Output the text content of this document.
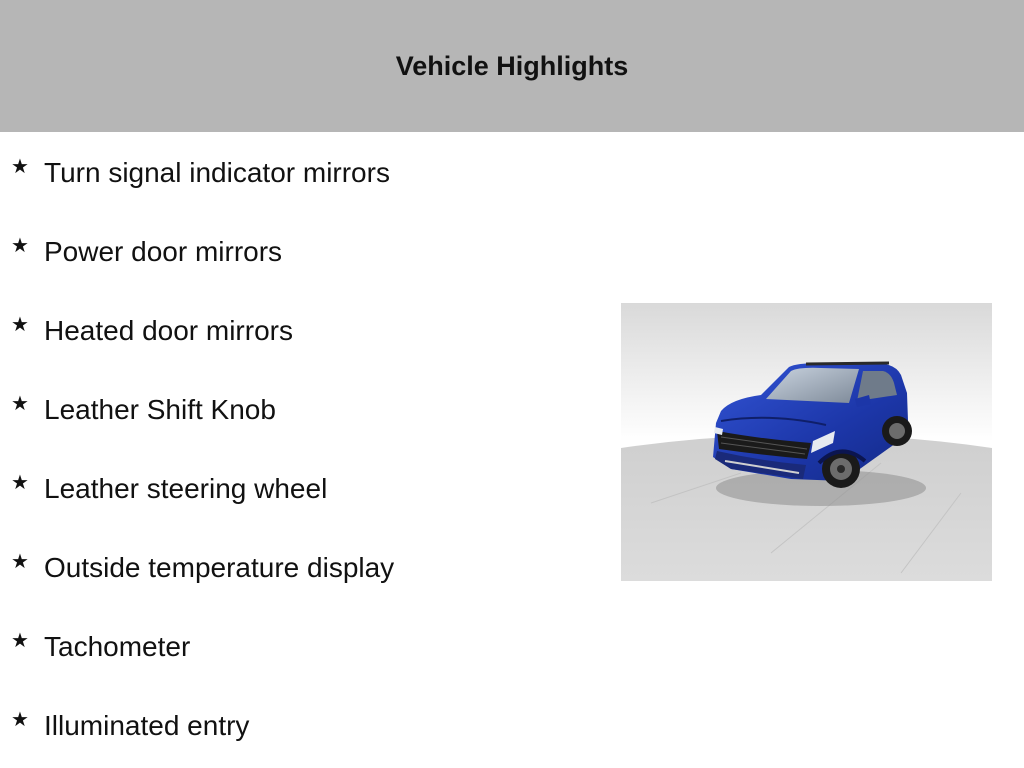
Vehicle Highlights
★ Turn signal indicator mirrors
★ Power door mirrors
★ Heated door mirrors
★ Leather Shift Knob
★ Leather steering wheel
★ Outside temperature display
★ Tachometer
★ Illuminated entry
